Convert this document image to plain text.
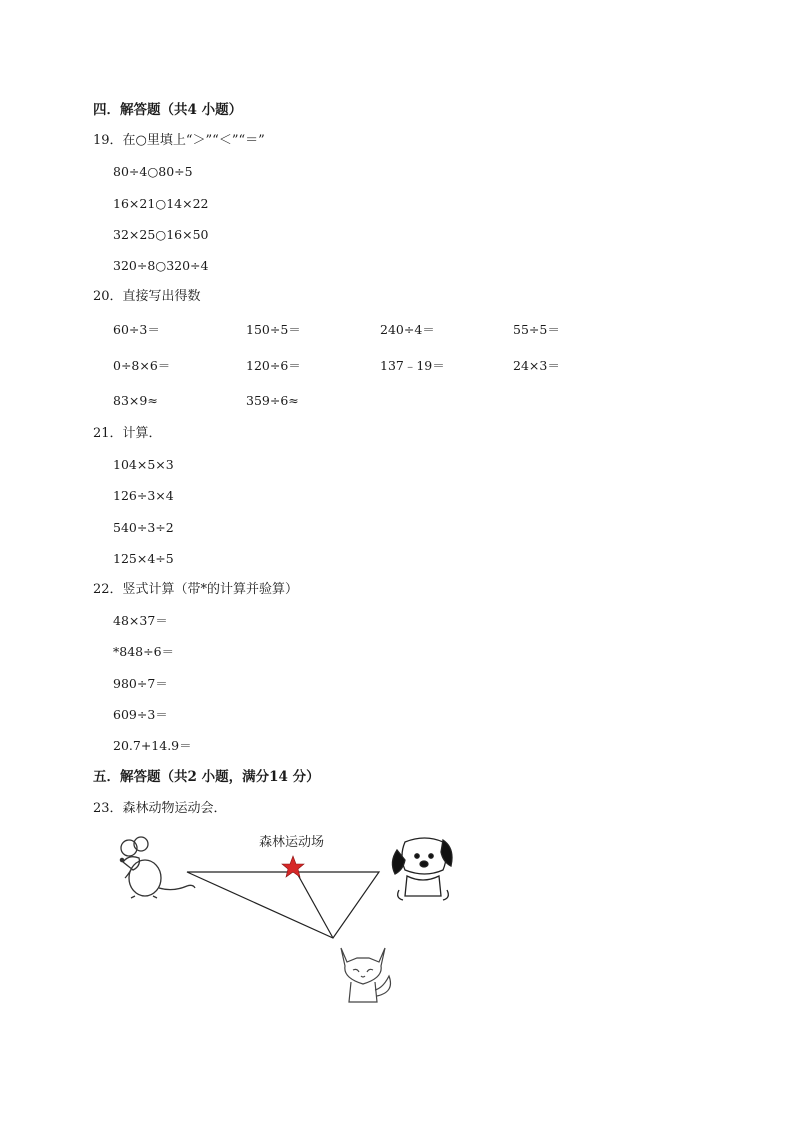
四．解答题（共4 小题）
19．在○里填上“＞”“＜”“＝”
80÷4○80÷5
16×21○14×22
32×25○16×50
320÷8○320÷4
20．直接写出得数
60÷3＝	150÷5＝	240÷4＝	55÷5＝
0÷8×6＝	120÷6＝	137﹣19＝	24×3＝
83×9≈	359÷6≈
21．计算．
104×5×3
126÷3×4
540÷3÷2
125×4÷5
22．竖式计算（带*的计算并验算）
48×37＝
*848÷6＝
980÷7＝
609÷3＝
20.7+14.9＝
五．解答题（共2 小题，满分14 分）
23．森林动物运动会．
森林运动场
